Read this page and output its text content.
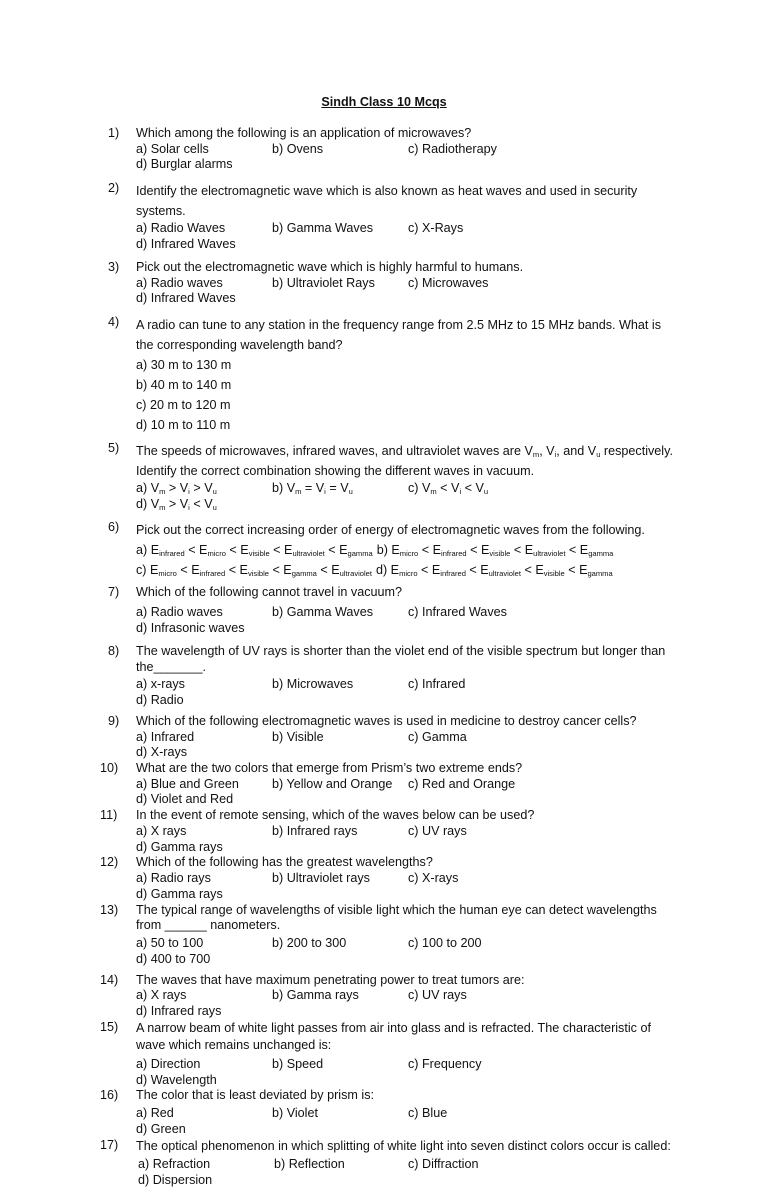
Sindh Class 10 Mcqs
1)	Which among the following is an application of microwaves?
a) Solar cells	b) Ovens	c) Radiotherapy
d) Burglar alarms
2)	Identify the electromagnetic wave which is also known as heat waves and used in security systems.
a) Radio Waves	b) Gamma Waves	c) X-Rays
d) Infrared Waves
3)	Pick out the electromagnetic wave which is highly harmful to humans.
a) Radio waves	b) Ultraviolet Rays	c) Microwaves
d) Infrared Waves
4)	A radio can tune to any station in the frequency range from 2.5 MHz to 15 MHz bands. What is the corresponding wavelength band?
a) 30 m to 130 m
b) 40 m to 140 m
c) 20 m to 120 m
d) 10 m to 110 m
5)	The speeds of microwaves, infrared waves, and ultraviolet waves are $V_m$, $V_i$, and $V_u$ respectively. Identify the correct combination showing the different waves in vacuum.
a) $V_m > V_i > V_u$	b) $V_m = V_i = V_u$	c) $V_m < V_i < V_u$
d) $V_m > V_i < V_u$
6)	Pick out the correct increasing order of energy of electromagnetic waves from the following.
a) $E_{infrared} < E_{micro} < E_{visible} < E_{ultraviolet} < E_{gamma}$ b) $E_{micro} < E_{infrared} < E_{visible} < E_{ultraviolet} < E_{gamma}$
c) $E_{micro} < E_{infrared} < E_{visible} < E_{gamma} < E_{ultraviolet}$ d) $E_{micro} < E_{infrared} < E_{ultraviolet} < E_{visible} < E_{gamma}$
7)	Which of the following cannot travel in vacuum?
a) Radio waves	b) Gamma Waves	c) Infrared Waves
d) Infrasonic waves
8)	The wavelength of UV rays is shorter than the violet end of the visible spectrum but longer than the_______.
a) x-rays	b) Microwaves	c) Infrared
d) Radio
9)	Which of the following electromagnetic waves is used in medicine to destroy cancer cells?
a) Infrared	b) Visible	c) Gamma
d) X-rays
10)	What are the two colors that emerge from Prism’s two extreme ends?
a) Blue and Green	b) Yellow and Orange	c) Red and Orange
d) Violet and Red
11)	In the event of remote sensing, which of the waves below can be used?
a) X rays	b) Infrared rays	c) UV rays
d) Gamma rays
12)	Which of the following has the greatest wavelengths?
a) Radio rays	b) Ultraviolet rays	c) X-rays
d) Gamma rays
13)	The typical range of wavelengths of visible light which the human eye can detect wavelengths from ______ nanometers.
a) 50 to 100	b) 200 to 300	c) 100 to 200
d) 400 to 700
14)	The waves that have maximum penetrating power to treat tumors are:
a) X rays	b) Gamma rays	c) UV rays
d) Infrared rays
15)	A narrow beam of white light passes from air into glass and is refracted. The characteristic of wave which remains unchanged is:
a) Direction	b) Speed	c) Frequency
d) Wavelength
16)	The color that is least deviated by prism is:
a) Red	b) Violet	c) Blue
d) Green
17)	The optical phenomenon in which splitting of white light into seven distinct colors occur is called:
a) Refraction	b) Reflection	c) Diffraction
d) Dispersion
